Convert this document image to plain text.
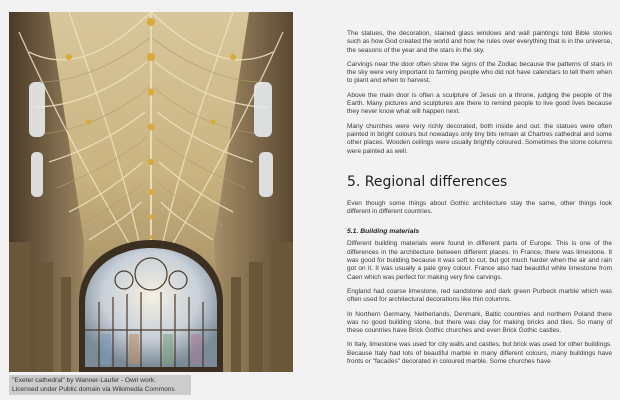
"Exeter cathedral" by Wanner-Laufer - Own work.
Licensed under Public domain via Wikimedia Commons

The statues, the decoration, stained glass windows and wall paintings told Bible stories such as how God created the world and how he rules over everything that is in the universe, the seasons of the year and the stars in the sky.

Carvings near the door often show the signs of the Zodiac because the patterns of stars in the sky were very important to farming people who did not have calendars to tell them when to plant and when to harvest.

Above the main door is often a sculpture of Jesus on a throne, judging the people of the Earth. Many pictures and sculptures are there to remind people to live good lives because they never know what will happen next.

Many churches were very richly decorated, both inside and out. the statues were often painted in bright colours but nowadays only tiny bits remain at Chartres cathedral and some other places. Wooden ceilings were usually brightly coloured. Sometimes the stone columns were painted as well.

5. Regional differences

Even though some things about Gothic architecture stay the same, other things look different in different countries.

5.1. Building materials

Different building materials were found in different parts of Europe. This is one of the differences in the architecture between different places. In France, there was limestone. It was good for building because it was soft to cut, but got much harder when the air and rain got on it. It was usually a pale grey colour. France also had beautiful white limestone from Caen which was perfect for making very fine carvings.

England had coarse limestone, red sandstone and dark green Purbeck marble which was often used for architectural decorations like thin columns.

In Northern Germany, Netherlands, Denmark, Baltic countries and northern Poland there was no good building stone, but there was clay for making bricks and tiles. So many of these countries have Brick Gothic churches and even Brick Gothic castles.

In Italy, limestone was used for city walls and castles, but brick was used for other buildings. Because Italy had lots of beautiful marble in many different colours, many buildings have fronts or "facades" decorated in coloured marble. Some churches have
